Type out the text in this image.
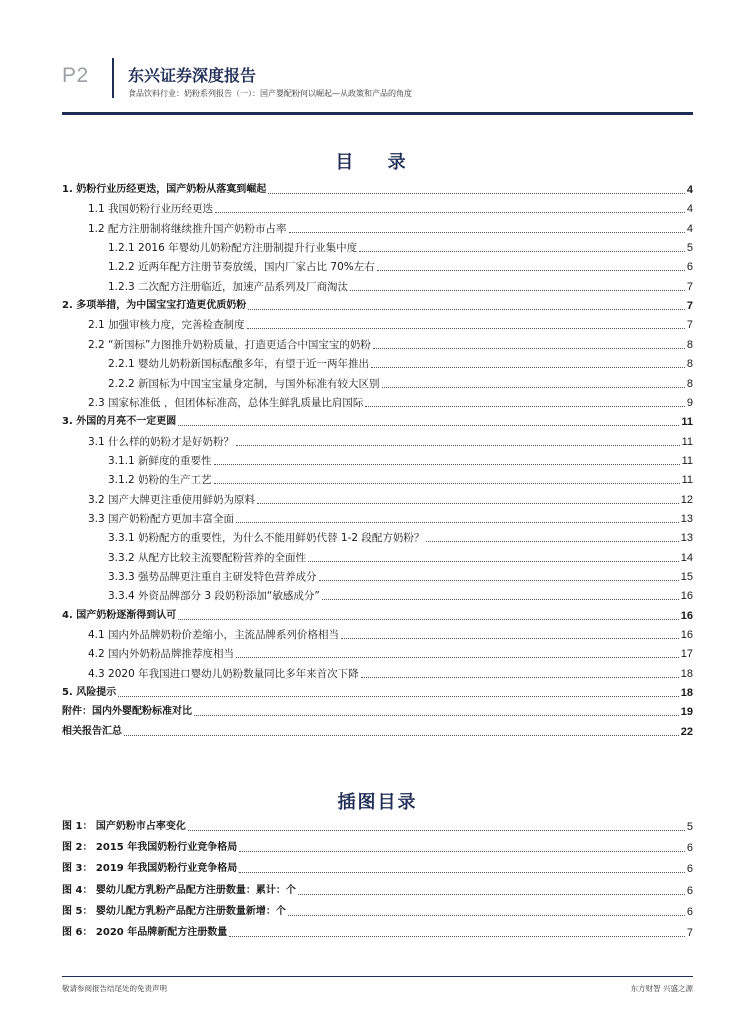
P2 东兴证券深度报告
食品饮料行业：奶粉系列报告（一）：国产婴配粉何以崛起—从政策和产品的角度
目 录
1. 奶粉行业历经更迭，国产奶粉从落寞到崛起	4
1.1 我国奶粉行业历经更迭	4
1.2 配方注册制将继续推升国产奶粉市占率	4
1.2.1 2016 年婴幼儿奶粉配方注册制提升行业集中度	5
1.2.2 近两年配方注册节奏放缓，国内厂家占比 70%左右	6
1.2.3 二次配方注册临近，加速产品系列及厂商淘汰	7
2. 多项举措，为中国宝宝打造更优质奶粉	7
2.1 加强审核力度，完善检查制度	7
2.2 “新国标”力图推升奶粉质量，打造更适合中国宝宝的奶粉	8
2.2.1 婴幼儿奶粉新国标酝酿多年，有望于近一两年推出	8
2.2.2 新国标为中国宝宝量身定制，与国外标准有较大区别	8
2.3 国家标准低 ，但团体标准高，总体生鲜乳质量比肩国际	9
3. 外国的月亮不一定更圆	11
3.1 什么样的奶粉才是好奶粉？	11
3.1.1 新鲜度的重要性	11
3.1.2 奶粉的生产工艺	11
3.2 国产大牌更注重使用鲜奶为原料	12
3.3 国产奶粉配方更加丰富全面	13
3.3.1 奶粉配方的重要性，为什么不能用鲜奶代替 1-2 段配方奶粉？	13
3.3.2 从配方比较主流婴配粉营养的全面性	14
3.3.3 强势品牌更注重自主研发特色营养成分	15
3.3.4 外资品牌部分 3 段奶粉添加“敏感成分”	16
4. 国产奶粉逐渐得到认可	16
4.1 国内外品牌奶粉价差缩小，主流品牌系列价格相当	16
4.2 国内外奶粉品牌推荐度相当	17
4.3 2020 年我国进口婴幼儿奶粉数量同比多年来首次下降	18
5. 风险提示	18
附件：国内外婴配粉标准对比	19
相关报告汇总	22
插图目录
图 1： 国产奶粉市占率变化	5
图 2： 2015 年我国奶粉行业竞争格局	6
图 3： 2019 年我国奶粉行业竞争格局	6
图 4： 婴幼儿配方乳粉产品配方注册数量：累计：个	6
图 5： 婴幼儿配方乳粉产品配方注册数量新增：个	6
图 6： 2020 年品牌新配方注册数量	7
敬请参阅报告结尾处的免责声明	东方财智 兴盛之源
